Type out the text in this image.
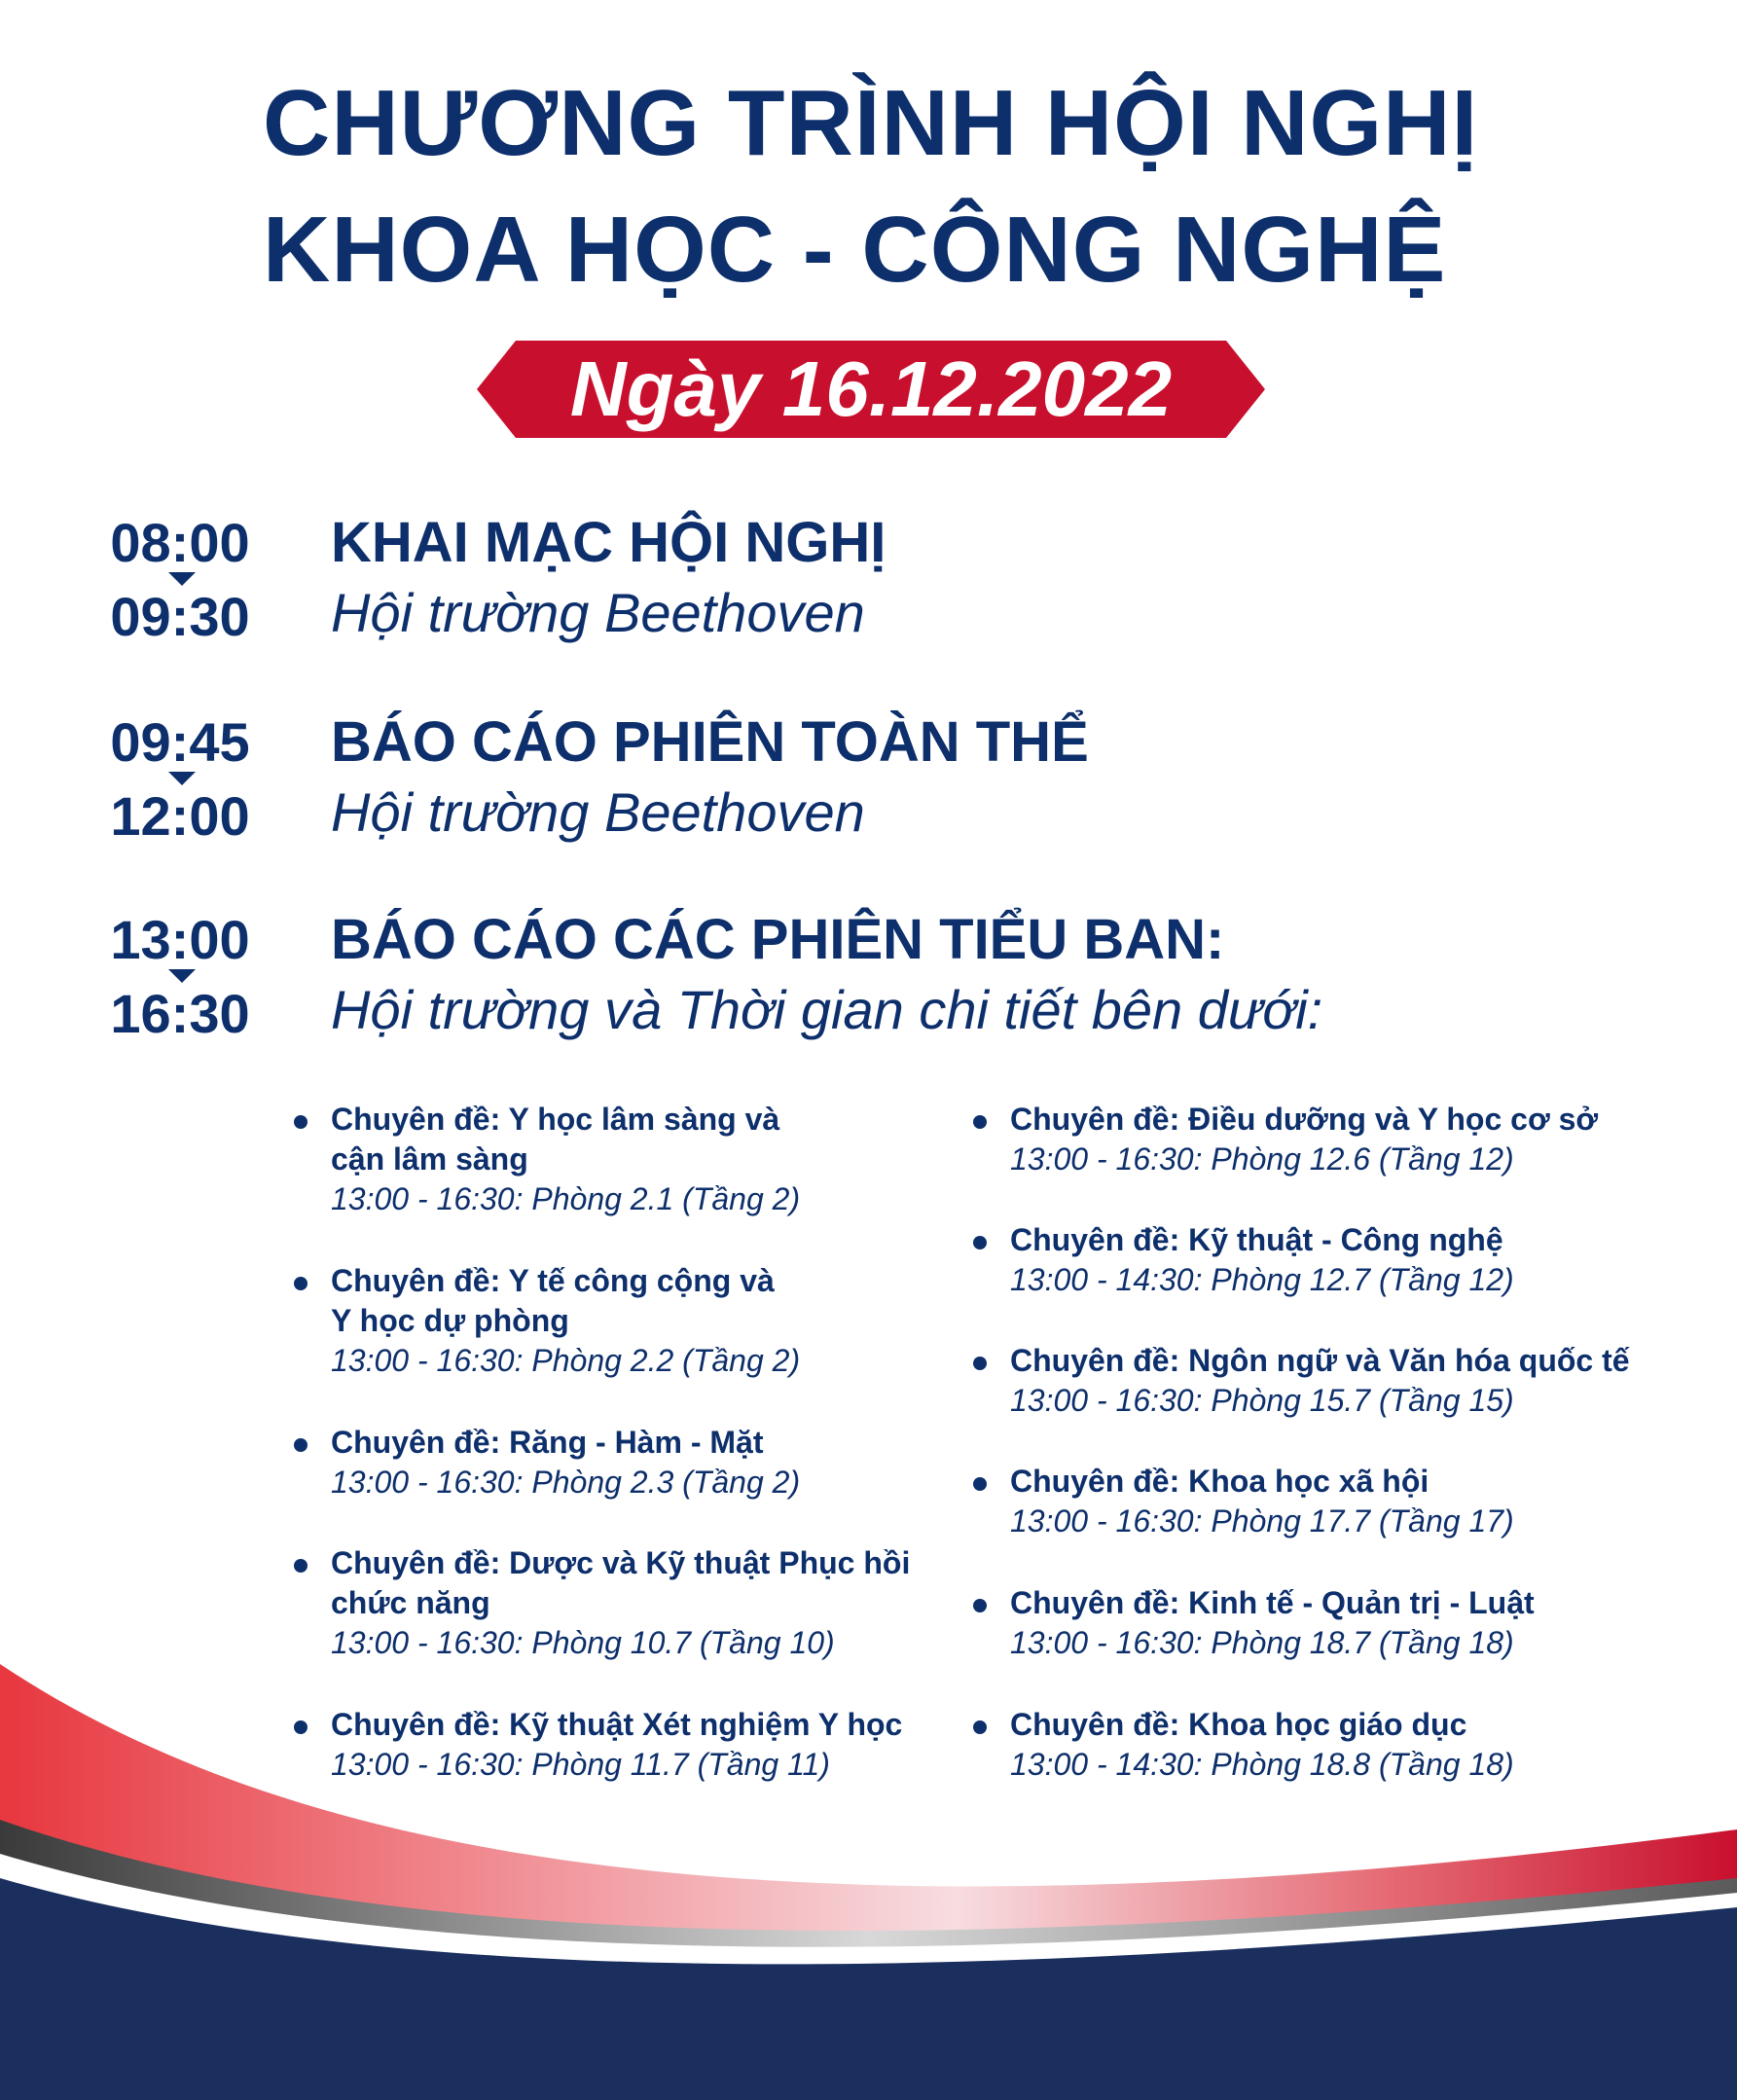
CHƯƠNG TRÌNH HỘI NGHỊ
KHOA HỌC - CÔNG NGHỆ
Ngày 16.12.2022
08:00
09:30
KHAI MẠC HỘI NGHỊ
Hội trường Beethoven
09:45
12:00
BÁO CÁO PHIÊN TOÀN THỂ
Hội trường Beethoven
13:00
16:30
BÁO CÁO CÁC PHIÊN TIỂU BAN:
Hội trường và Thời gian chi tiết bên dưới:
Chuyên đề: Y học lâm sàng và
cận lâm sàng
13:00 - 16:30: Phòng 2.1 (Tầng 2)
Chuyên đề: Y tế công cộng và
Y học dự phòng
13:00 - 16:30: Phòng 2.2 (Tầng 2)
Chuyên đề: Răng - Hàm - Mặt
13:00 - 16:30: Phòng 2.3 (Tầng 2)
Chuyên đề: Dược và Kỹ thuật Phục hồi
chức năng
13:00 - 16:30: Phòng 10.7 (Tầng 10)
Chuyên đề: Kỹ thuật Xét nghiệm Y học
13:00 - 16:30: Phòng 11.7 (Tầng 11)
Chuyên đề: Điều dưỡng và Y học cơ sở
13:00 - 16:30: Phòng 12.6 (Tầng 12)
Chuyên đề: Kỹ thuật - Công nghệ
13:00 - 14:30: Phòng 12.7 (Tầng 12)
Chuyên đề: Ngôn ngữ và Văn hóa quốc tế
13:00 - 16:30: Phòng 15.7 (Tầng 15)
Chuyên đề: Khoa học xã hội
13:00 - 16:30: Phòng 17.7 (Tầng 17)
Chuyên đề: Kinh tế - Quản trị - Luật
13:00 - 16:30: Phòng 18.7 (Tầng 18)
Chuyên đề: Khoa học giáo dục
13:00 - 14:30: Phòng 18.8 (Tầng 18)
